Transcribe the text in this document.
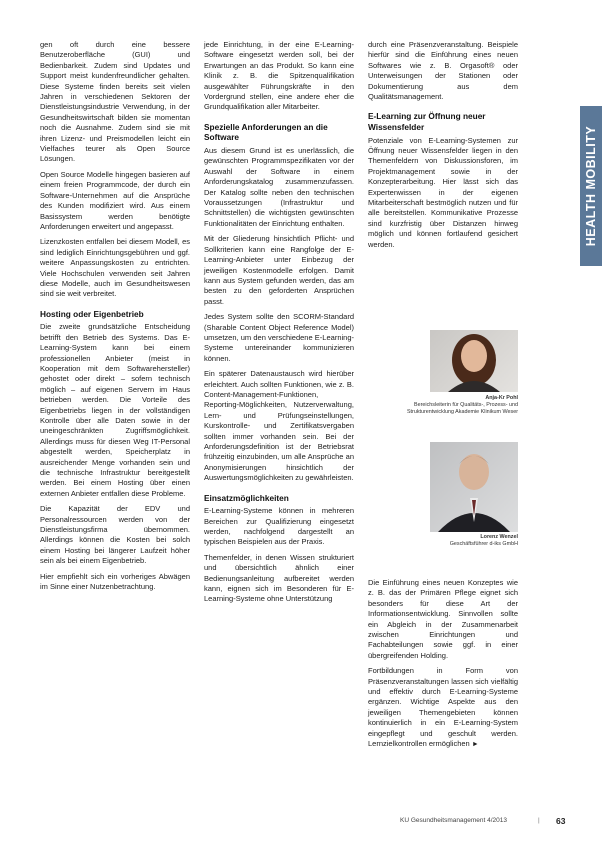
HEALTH MOBILITY

gen oft durch eine bessere Benutzeroberfläche (GUI) und Bedienbarkeit. Zudem sind Updates und Support meist kundenfreundlicher gehalten. Diese Systeme finden bereits seit vielen Jahren in verschiedenen Sektoren der Dienstleistungsindustrie Verwendung, in der Gesundheitswirtschaft bilden sie momentan noch die Ausnahme. Zudem sind sie mit ihren Lizenz- und Preismodellen leicht ein Vielfaches teurer als Open Source Lösungen.

Open Source Modelle hingegen basieren auf einem freien Programmcode, der durch ein Software-Unternehmen auf die Ansprüche des Kunden modifiziert wird. Aus einem Basissystem werden benötigte Anforderungen erweitert und angepasst.

Lizenzkosten entfallen bei diesem Modell, es sind lediglich Einrichtungsgebühren und ggf. weitere Anpassungskosten zu entrichten. Viele Hochschulen verwenden seit Jahren diese Modelle, auch im Gesundheitswesen sind sie weit verbreitet.

Hosting oder Eigenbetrieb

Die zweite grundsätzliche Entscheidung betrifft den Betrieb des Systems. Das E-Learning-System kann bei einem professionellen Anbieter (meist in Kooperation mit dem Softwarehersteller) gehostet oder direkt – sofern technisch möglich – auf eigenen Servern im Haus betrieben werden. Die Vorteile des Eigenbetriebs liegen in der vollständigen Kontrolle über alle Daten sowie in der uneingeschränkten Zugriffsmöglichkeit. Allerdings muss für diesen Weg IT-Personal abgestellt werden, Speicherplatz in ausreichender Menge vorhanden sein und die technische Infrastruktur bereitgestellt werden. Bei einem Hosting über einen externen Anbieter entfallen diese Probleme.

Die Kapazität der EDV und Personalressourcen werden von der Dienstleistungsfirma übernommen. Allerdings können die Kosten bei solch einem Hosting bei längerer Laufzeit höher sein als bei einem Eigenbetrieb.

Hier empfiehlt sich ein vorheriges Abwägen im Sinne einer Nutzenbetrachtung.

jede Einrichtung, in der eine E-Learning-Software eingesetzt werden soll, bei der Erwartungen an das Produkt. So kann eine Klinik z. B. die Spitzenqualifikation ausgewählter Führungskräfte in den Vordergrund stellen, eine andere eher die Grundqualifikation aller Mitarbeiter.

Spezielle Anforderungen an die Software

Aus diesem Grund ist es unerlässlich, die gewünschten Programmspezifikaten vor der Auswahl der Software in einem Anforderungskatalog zusammenzufassen. Der Katalog sollte neben den technischen Voraussetzungen (Infrastruktur und Schnittstellen) die wichtigsten gewünschten Funktionalitäten der Einrichtung enthalten.

Mit der Gliederung hinsichtlich Pflicht- und Sollkriterien kann eine Rangfolge der E-Learning-Anbieter unter Einbezug der jeweiligen Kostenmodelle erfolgen. Damit kann aus System gefunden werden, das am besten zu den geforderten Ansprüchen passt.

Jedes System sollte den SCORM-Standard (Sharable Content Object Reference Model) umsetzen, um den verschiedene E-Learning-Systeme untereinander kommunizieren können.

Ein späterer Datenaustausch wird hierüber erleichtert. Auch sollten Funktionen, wie z. B. Content-Management-Funktionen, Reporting-Möglichkeiten, Nutzerverwaltung, Lern- und Prüfungseinstellungen, Kurskontrolle- und Zertifikatsvergaben sollten immer vorhanden sein. Bei der Anforderungsdefinition ist der Betriebsrat frühzeitig einzubinden, um alle Ansprüche an Anonymisierungen hinsichtlich der Auswertungsmöglichkeiten zu gewährleisten.

Einsatzmöglichkeiten

E-Learning-Systeme können in mehreren Bereichen zur Qualifizierung eingesetzt werden, nachfolgend dargestellt an typischen Beispielen aus der Praxis.

Themenfelder, in denen Wissen strukturiert und übersichtlich ähnlich einer Bedienungsanleitung aufbereitet werden kann, eignen sich im Besonderen für E-Learning-Systeme ohne Unterstützung

durch eine Präsenzveranstaltung. Beispiele hierfür sind die Einführung eines neuen Softwares wie z. B. Orgasoft® oder Unterweisungen der Stationen oder Dokumentierung aus dem Qualitätsmanagement.

E-Learning zur Öffnung neuer Wissensfelder

Potenziale von E-Learning-Systemen zur Öffnung neuer Wissensfelder liegen in den Themenfeldern von Diskussionsforen, im Projektmanagement sowie in der Konzepterarbeitung. Hier lässt sich das Expertenwissen in der eigenen Mitarbeiterschaft bestmöglich nutzen und für alle bereitstellen. Kommunikative Prozesse sind kurzfristig über Distanzen hinweg möglich und können fortlaufend gesichert werden.

Anja-Kr Pohl
Bereichsleiterin für Qualitäts-, Prozess- und Strukturentwicklung Akademie Klinikum Weser
Lorenz Wenzel
Geschäftsführer d-iks GmbH

Die Einführung eines neuen Konzeptes wie z. B. das der Primären Pflege eignet sich besonders für diese Art der Informationsentwicklung. Sinnvollen sollte ein Abgleich in der Zusammenarbeit zwischen Einrichtungen und Fachabteilungen sowie ggf. in einer übergreifenden Holding.

Fortbildungen in Form von Präsenzveranstaltungen lassen sich vielfältig und effektiv durch E-Learning-Systeme ergänzen. Wichtige Aspekte aus den jeweiligen Themengebieten können kontinuierlich in ein E-Learning-System eingepflegt und geschult werden. Lernzielkontrollen ermöglichen ►

KU Gesundheitsmanagement 4/2013	| 63
